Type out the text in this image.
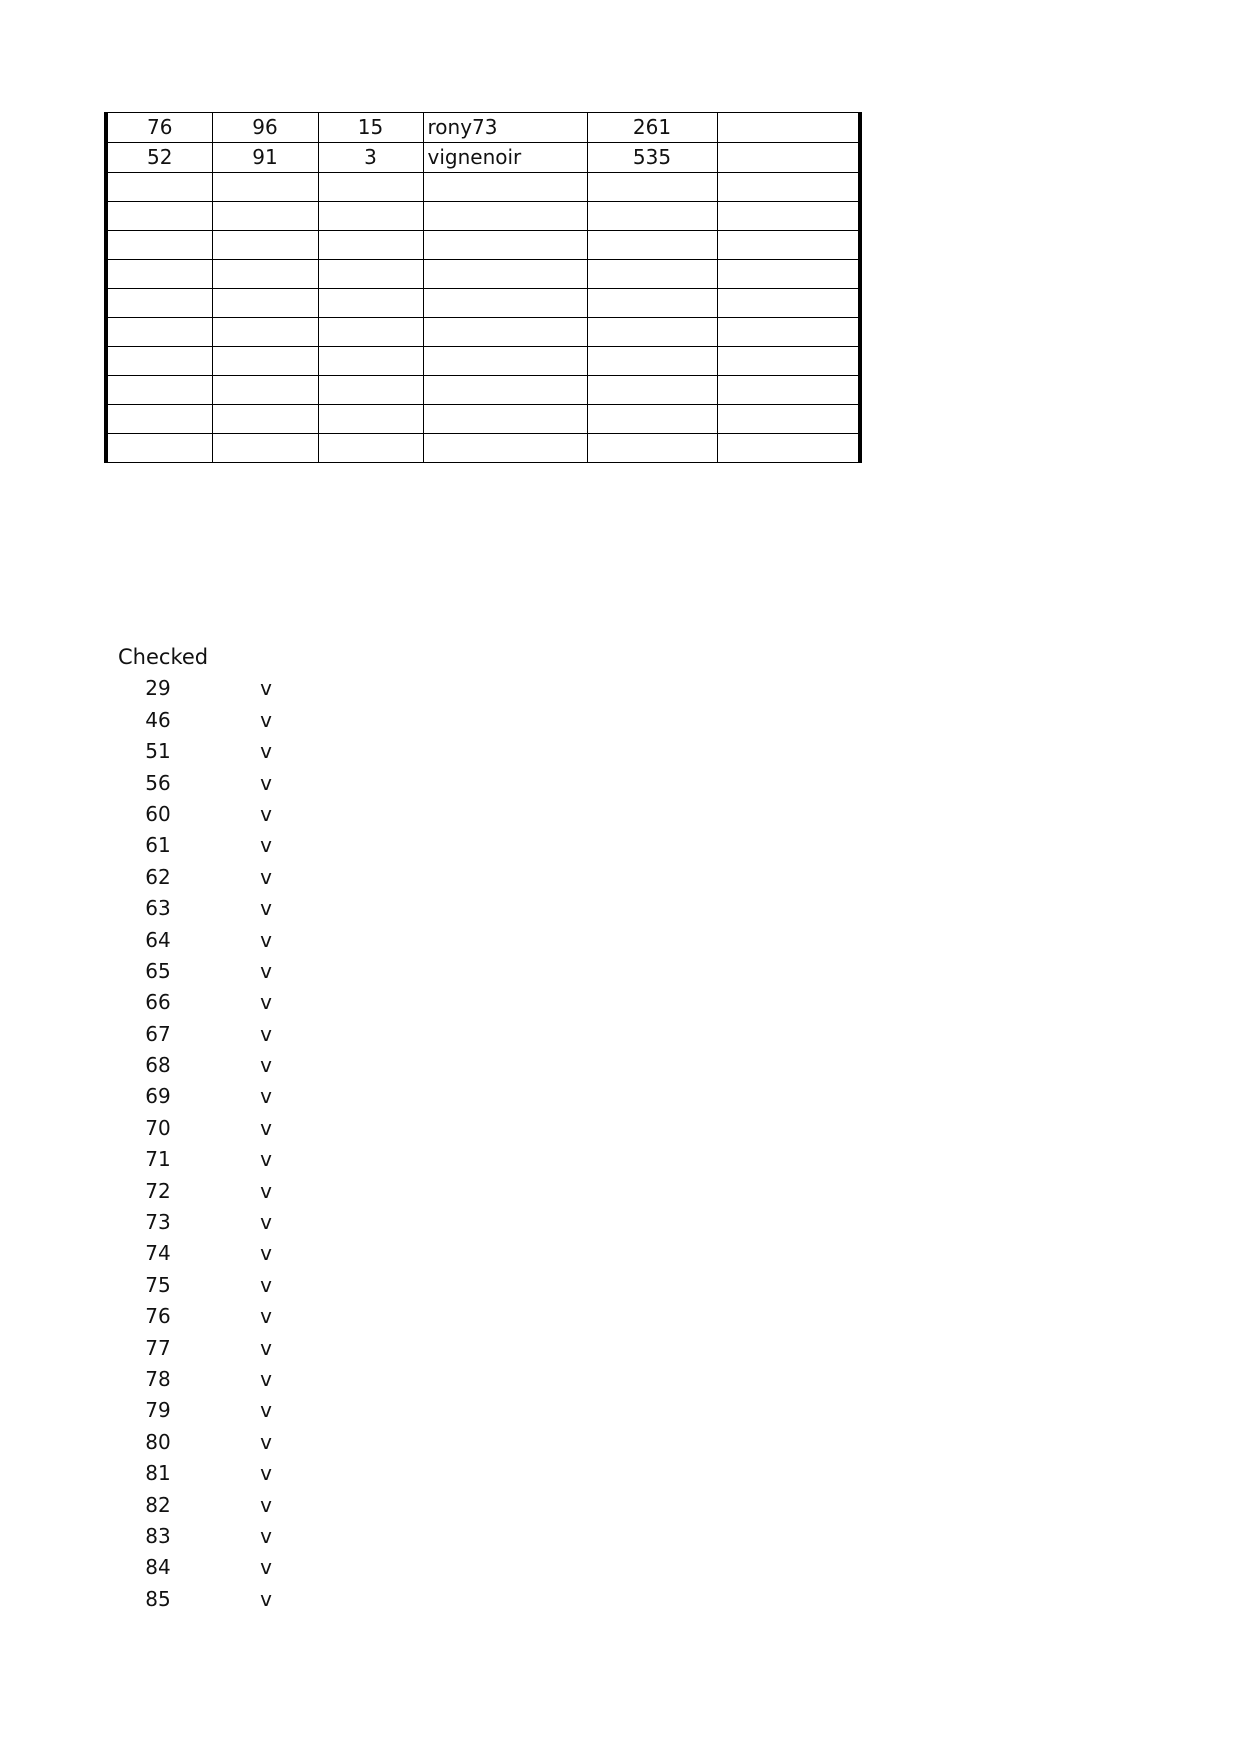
76	96	15	rony73	261	
52	91	3	vignenoir	535	

Checked
29	v
46	v
51	v
56	v
60	v
61	v
62	v
63	v
64	v
65	v
66	v
67	v
68	v
69	v
70	v
71	v
72	v
73	v
74	v
75	v
76	v
77	v
78	v
79	v
80	v
81	v
82	v
83	v
84	v
85	v
